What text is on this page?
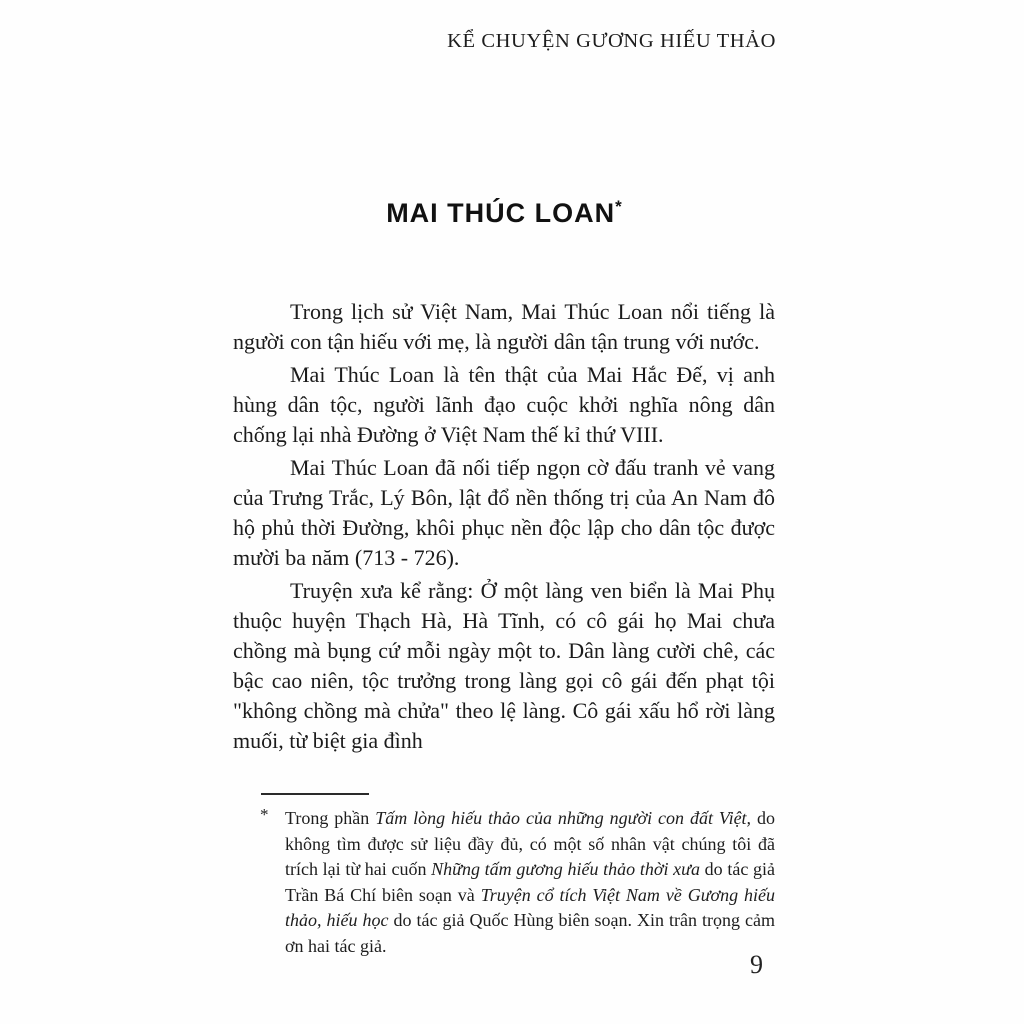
KỂ CHUYỆN GƯƠNG HIẾU THẢO
MAI THÚC LOAN*

Trong lịch sử Việt Nam, Mai Thúc Loan nổi tiếng là người con tận hiếu với mẹ, là người dân tận trung với nước.

Mai Thúc Loan là tên thật của Mai Hắc Đế, vị anh hùng dân tộc, người lãnh đạo cuộc khởi nghĩa nông dân chống lại nhà Đường ở Việt Nam thế kỉ thứ VIII.

Mai Thúc Loan đã nối tiếp ngọn cờ đấu tranh vẻ vang của Trưng Trắc, Lý Bôn, lật đổ nền thống trị của An Nam đô hộ phủ thời Đường, khôi phục nền độc lập cho dân tộc được mười ba năm (713 - 726).

Truyện xưa kể rằng: Ở một làng ven biển là Mai Phụ thuộc huyện Thạch Hà, Hà Tĩnh, có cô gái họ Mai chưa chồng mà bụng cứ mỗi ngày một to. Dân làng cười chê, các bậc cao niên, tộc trưởng trong làng gọi cô gái đến phạt tội "không chồng mà chửa" theo lệ làng. Cô gái xấu hổ rời làng muối, từ biệt gia đình

* Trong phần Tấm lòng hiếu thảo của những người con đất Việt, do không tìm được sử liệu đầy đủ, có một số nhân vật chúng tôi đã trích lại từ hai cuốn Những tấm gương hiếu thảo thời xưa do tác giả Trần Bá Chí biên soạn và Truyện cổ tích Việt Nam về Gương hiếu thảo, hiếu học do tác giả Quốc Hùng biên soạn. Xin trân trọng cảm ơn hai tác giả.
9
